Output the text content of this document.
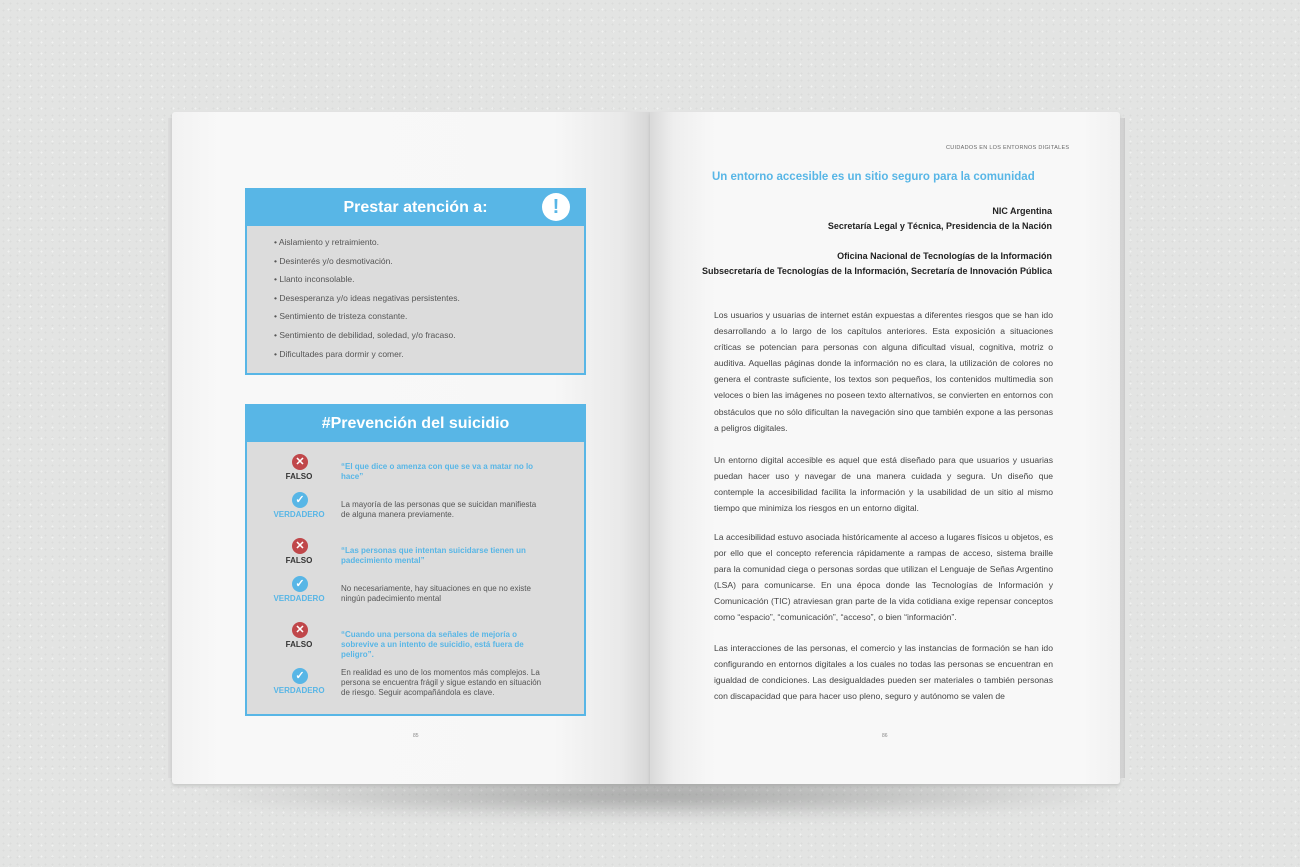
Prestar atención a:	!
• Aislamiento y retraimiento.
• Desinterés y/o desmotivación.
• Llanto inconsolable.
• Desesperanza y/o ideas negativas persistentes.
• Sentimiento de tristeza constante.
• Sentimiento de debilidad, soledad, y/o fracaso.
• Dificultades para dormir y comer.
#Prevención del suicidio
✕
FALSO
“El que dice o amenza con que se va a matar no lo hace”
✓
VERDADERO
La mayoría de las personas que se suicidan manifiesta de alguna manera previamente.
✕
FALSO
“Las personas que intentan suicidarse tienen un padecimiento mental”
✓
VERDADERO
No necesariamente, hay situaciones en que no existe ningún padecimiento mental
✕
FALSO
“Cuando una persona da señales de mejoría o sobrevive a un intento de suicidio, está fuera de peligro”.
✓
VERDADERO
En realidad es uno de los momentos más complejos. La persona se encuentra frágil y sigue estando en situación de riesgo. Seguir acompañándola es clave.
85
CUIDADOS EN LOS ENTORNOS DIGITALES
Un entorno accesible es un sitio seguro para la comunidad
NIC Argentina
Secretaría Legal y Técnica, Presidencia de la Nación
Oficina Nacional de Tecnologías de la Información
Subsecretaría de Tecnologías de la Información, Secretaría de Innovación Pública
Los usuarios y usuarias de internet están expuestas a diferentes riesgos que se han ido desarrollando a lo largo de los capítulos anteriores. Esta exposición a situaciones críticas se potencian para personas con alguna dificultad visual, cognitiva, motriz o auditiva. Aquellas páginas donde la información no es clara, la utilización de colores no genera el contraste suficiente, los textos son pequeños, los contenidos multimedia son veloces o bien las imágenes no poseen texto alternativos, se convierten en entornos con obstáculos que no sólo dificultan la navegación sino que también expone a las personas a peligros digitales.
Un entorno digital accesible es aquel que está diseñado para que usuarios y usuarias puedan hacer uso y navegar de una manera cuidada y segura. Un diseño que contemple la accesibilidad facilita la información y la usabilidad de un sitio al mismo tiempo que minimiza los riesgos en un entorno digital.
La accesibilidad estuvo asociada históricamente al acceso a lugares físicos u objetos, es por ello que el concepto referencia rápidamente a rampas de acceso, sistema braille para la comunidad ciega o personas sordas que utilizan el Lenguaje de Señas Argentino (LSA) para comunicarse. En una época donde las Tecnologías de Información y Comunicación (TIC) atraviesan gran parte de la vida cotidiana exige repensar conceptos como “espacio”, “comunicación”, “acceso”, o bien “información”.
Las interacciones de las personas, el comercio y las instancias de formación se han ido configurando en entornos digitales a los cuales no todas las personas se encuentran en igualdad de condiciones. Las desigualdades pueden ser materiales o también personas con discapacidad que para hacer uso pleno, seguro y autónomo se valen de
86
